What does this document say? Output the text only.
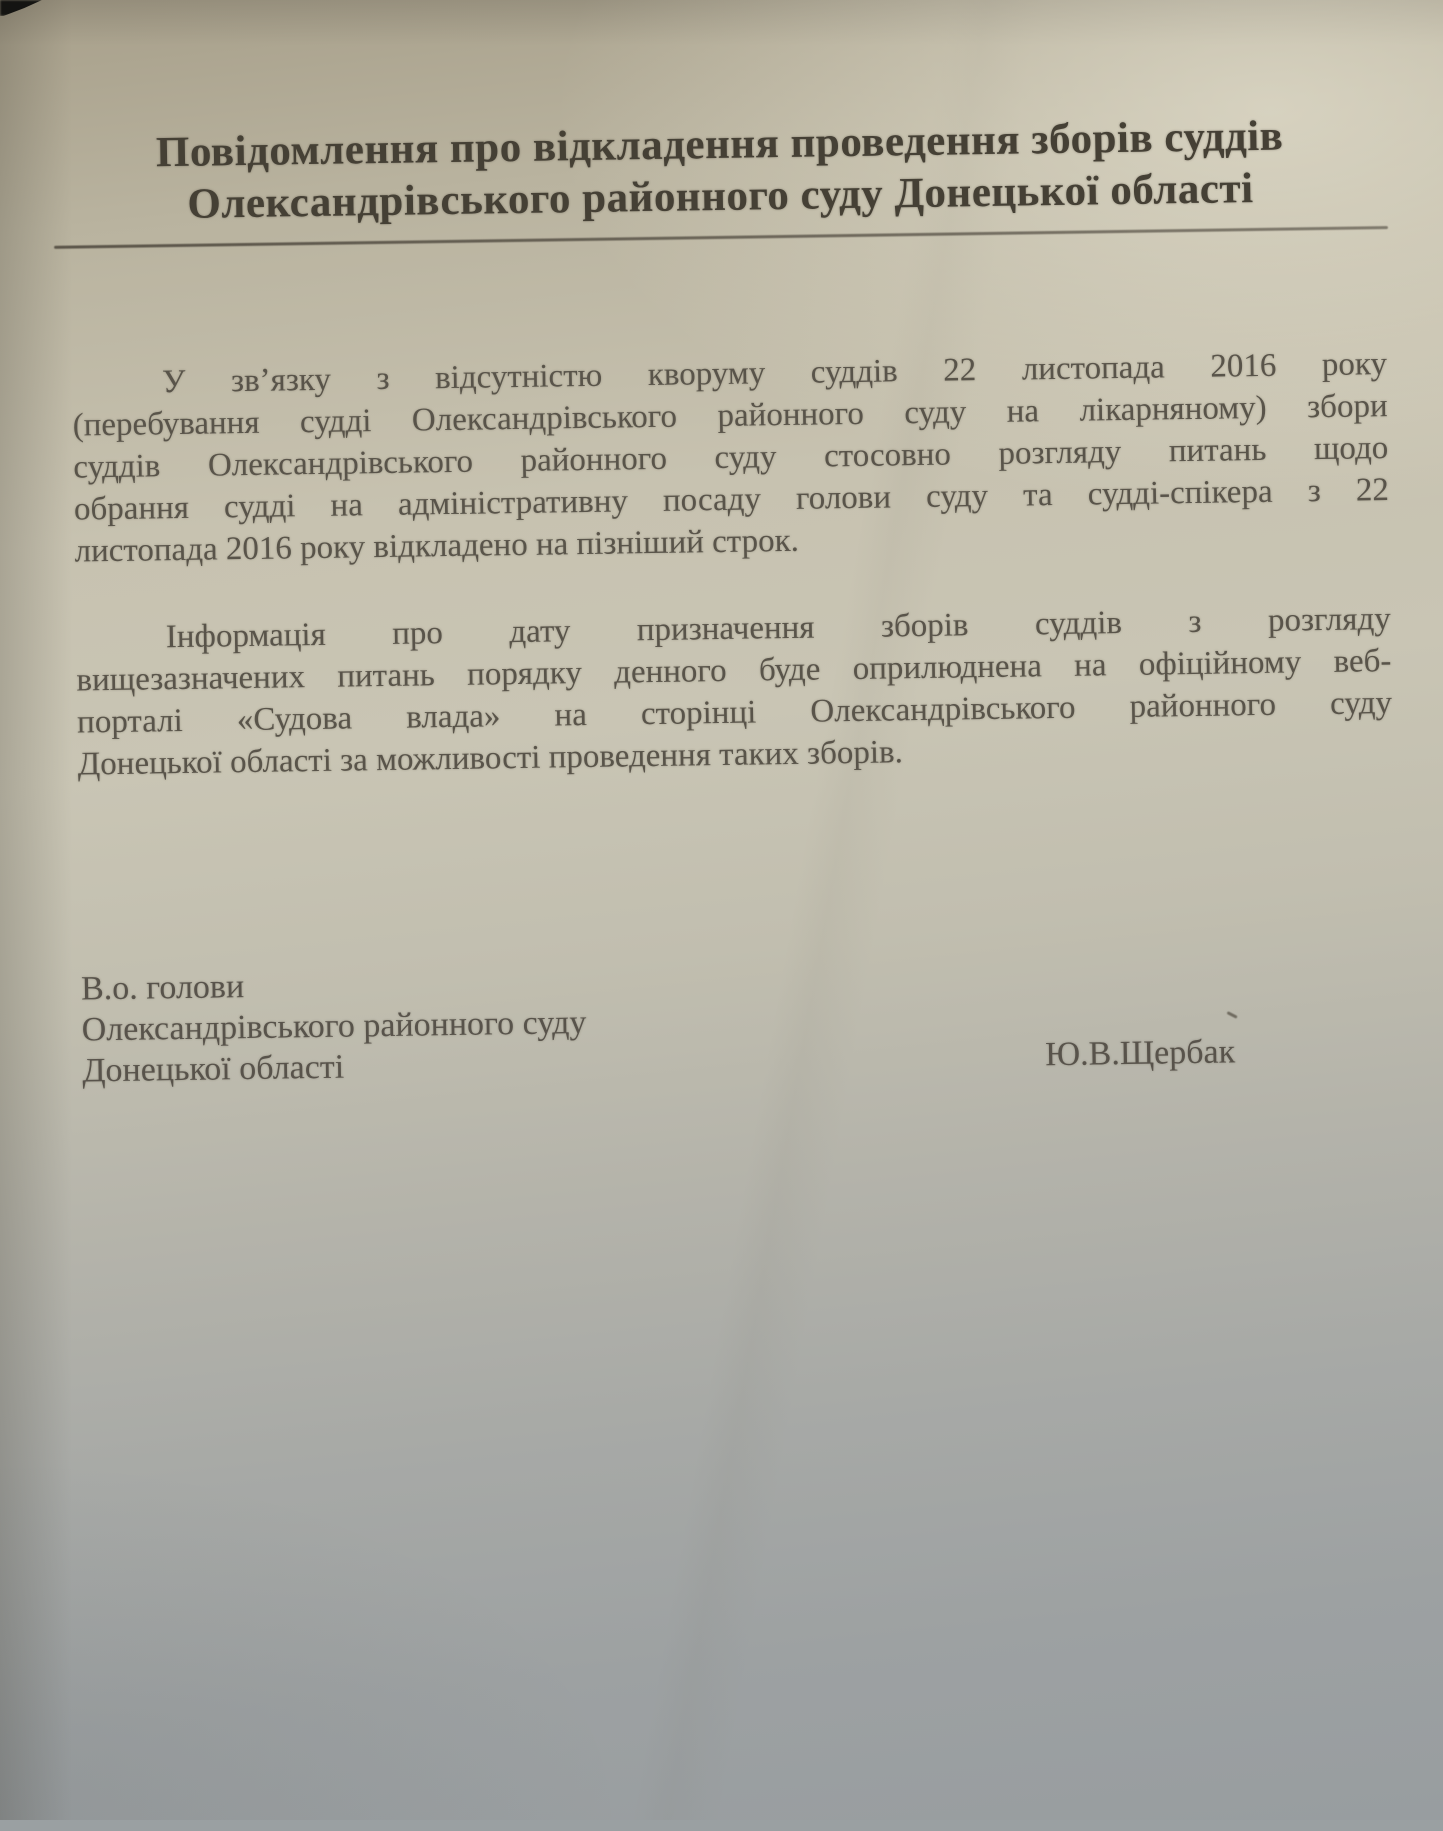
Повідомлення про відкладення проведення зборів суддів
Олександрівського районного суду Донецької області
У зв’язку з відсутністю кворуму суддів 22 листопада 2016 року
(перебування судді Олександрівського районного суду на лікарняному) збори
суддів Олександрівського районного суду стосовно розгляду питань щодо
обрання судді на адміністративну посаду голови суду та судді-спікера з 22
листопада 2016 року відкладено на пізніший строк.
Інформація про дату призначення зборів суддів з розгляду
вищезазначених питань порядку денного буде оприлюднена на офіційному веб-
порталі «Судова влада» на сторінці Олександрівського районного суду
Донецької області за можливості проведення таких зборів.
В.о. голови
Олександрівського районного суду
Донецької області	Ю.В.Щербак
